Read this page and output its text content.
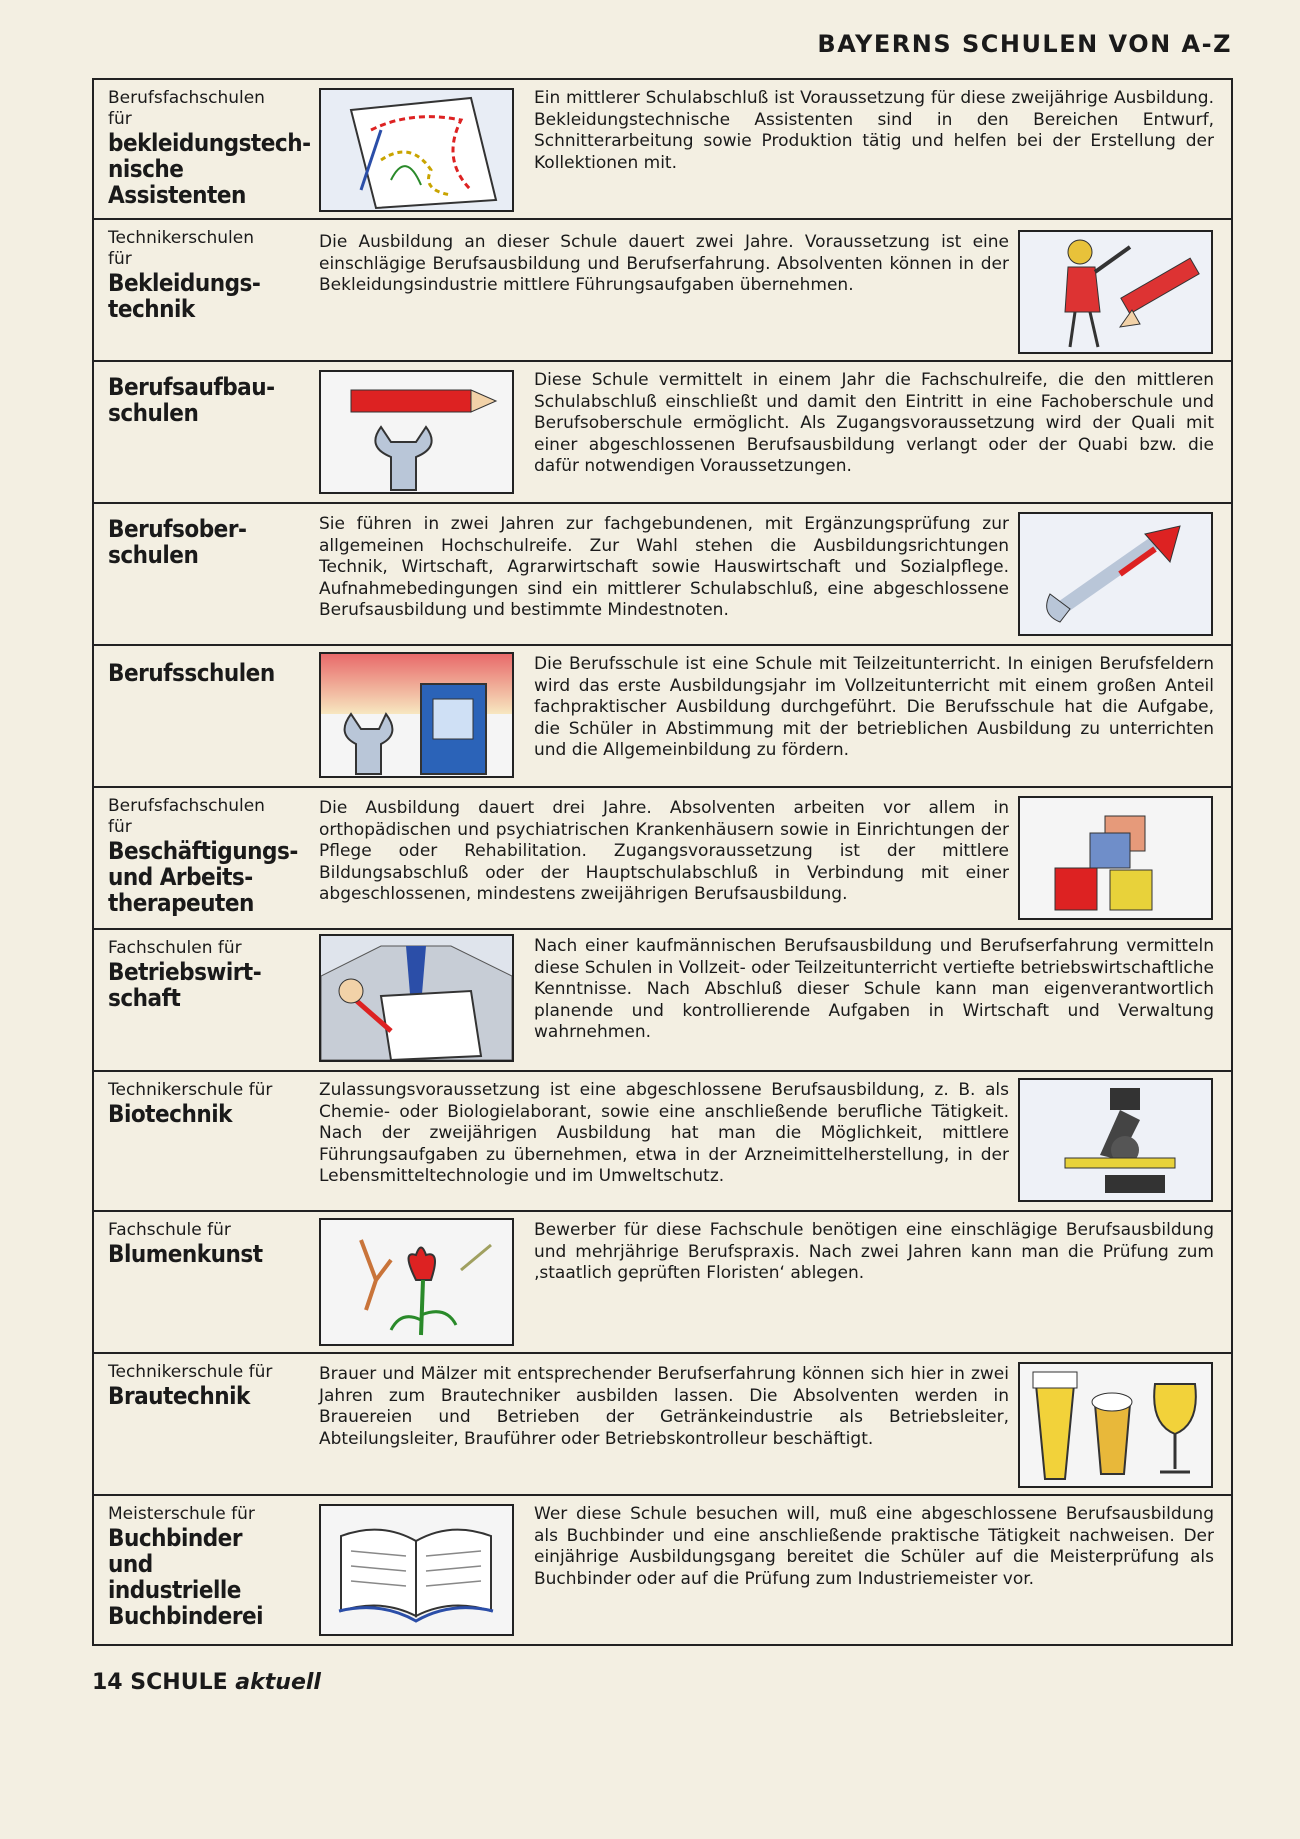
BAYERNS SCHULEN VON A-Z
Berufsfachschulen für
bekleidungstech-nische Assistenten
Ein mittlerer Schulabschluß ist Voraussetzung für diese zweijährige Ausbildung. Bekleidungstechnische Assistenten sind in den Bereichen Entwurf, Schnitterarbeitung sowie Produktion tätig und helfen bei der Erstellung der Kollektionen mit.
Technikerschulen für
Bekleidungs-technik
Die Ausbildung an dieser Schule dauert zwei Jahre. Voraussetzung ist eine einschlägige Berufsausbildung und Berufserfahrung. Absolventen können in der Bekleidungsindustrie mittlere Führungsaufgaben übernehmen.
Berufsaufbau-schulen
Diese Schule vermittelt in einem Jahr die Fachschulreife, die den mittleren Schulabschluß einschließt und damit den Eintritt in eine Fachoberschule und Berufsoberschule ermöglicht. Als Zugangsvoraussetzung wird der Quali mit einer abgeschlossenen Berufsausbildung verlangt oder der Quabi bzw. die dafür notwendigen Voraussetzungen.
Berufsober-schulen
Sie führen in zwei Jahren zur fachgebundenen, mit Ergänzungsprüfung zur allgemeinen Hochschulreife. Zur Wahl stehen die Ausbildungsrichtungen Technik, Wirtschaft, Agrarwirtschaft sowie Hauswirtschaft und Sozialpflege. Aufnahmebedingungen sind ein mittlerer Schulabschluß, eine abgeschlossene Berufsausbildung und bestimmte Mindestnoten.
Berufsschulen	Die Berufsschule ist eine Schule mit Teilzeitunterricht. In einigen Berufsfeldern wird das erste Ausbildungsjahr im Vollzeitunterricht mit einem großen Anteil fachpraktischer Ausbildung durchgeführt. Die Berufsschule hat die Aufgabe, die Schüler in Abstimmung mit der betrieblichen Ausbildung zu unterrichten und die Allgemeinbildung zu fördern.
Berufsfachschulen für
Beschäftigungs- und Arbeits-therapeuten
Die Ausbildung dauert drei Jahre. Absolventen arbeiten vor allem in orthopädischen und psychiatrischen Krankenhäusern sowie in Einrichtungen der Pflege oder Rehabilitation. Zugangsvoraussetzung ist der mittlere Bildungsabschluß oder der Hauptschulabschluß in Verbindung mit einer abgeschlossenen, mindestens zweijährigen Berufsausbildung.
Fachschulen für
Betriebswirt-schaft
Nach einer kaufmännischen Berufsausbildung und Berufserfahrung vermitteln diese Schulen in Vollzeit- oder Teilzeitunterricht vertiefte betriebswirtschaftliche Kenntnisse. Nach Abschluß dieser Schule kann man eigenverantwortlich planende und kontrollierende Aufgaben in Wirtschaft und Verwaltung wahrnehmen.
Technikerschule für
Biotechnik
Zulassungsvoraussetzung ist eine abgeschlossene Berufsausbildung, z. B. als Chemie- oder Biologielaborant, sowie eine anschließende berufliche Tätigkeit. Nach der zweijährigen Ausbildung hat man die Möglichkeit, mittlere Führungsaufgaben zu übernehmen, etwa in der Arzneimittelherstellung, in der Lebensmitteltechnologie und im Umweltschutz.
Fachschule für
Blumenkunst
Bewerber für diese Fachschule benötigen eine einschlägige Berufsausbildung und mehrjährige Berufspraxis. Nach zwei Jahren kann man die Prüfung zum ‚staatlich geprüften Floristen‘ ablegen.
Technikerschule für
Brautechnik
Brauer und Mälzer mit entsprechender Berufserfahrung können sich hier in zwei Jahren zum Brautechniker ausbilden lassen. Die Absolventen werden in Brauereien und Betrieben der Getränkeindustrie als Betriebsleiter, Abteilungsleiter, Brauführer oder Betriebskontrolleur beschäftigt.
Meisterschule für
Buchbinder und industrielle Buchbinderei
Wer diese Schule besuchen will, muß eine abgeschlossene Berufsausbildung als Buchbinder und eine anschließende praktische Tätigkeit nachweisen. Der einjährige Ausbildungsgang bereitet die Schüler auf die Meisterprüfung als Buchbinder oder auf die Prüfung zum Industriemeister vor.
14 SCHULE aktuell
